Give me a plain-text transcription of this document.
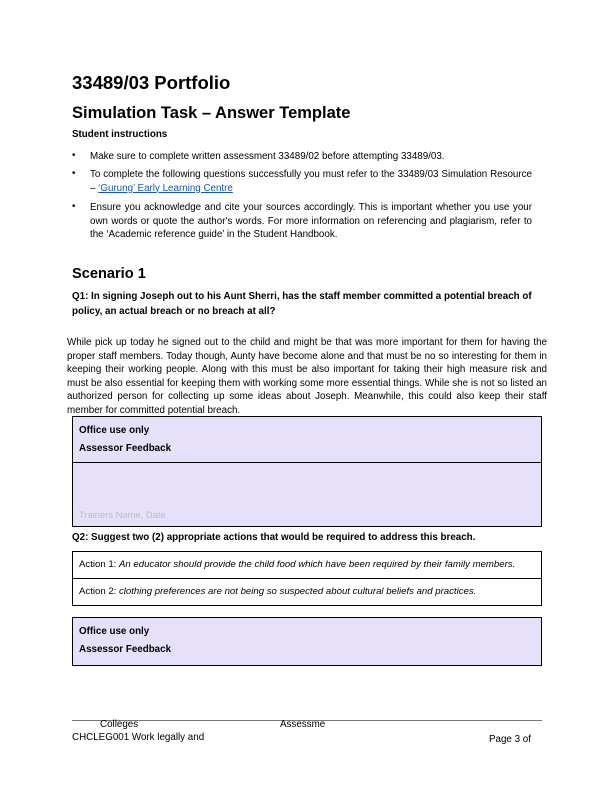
33489/03 Portfolio
Simulation Task – Answer Template
Student instructions
• Make sure to complete written assessment 33489/02 before attempting 33489/03.
• To complete the following questions successfully you must refer to the 33489/03 Simulation Resource – ‘Gurung’ Early Learning Centre
• Ensure you acknowledge and cite your sources accordingly. This is important whether you use your own words or quote the author's words. For more information on referencing and plagiarism, refer to the ‘Academic reference guide’ in the Student Handbook.
Scenario 1
Q1: In signing Joseph out to his Aunt Sherri, has the staff member committed a potential breach of policy, an actual breach or no breach at all?
While pick up today he signed out to the child and might be that was more important for them for having the proper staff members. Today though, Aunty have become alone and that must be no so interesting for them in keeping their working people. Along with this must be also important for taking their high measure risk and must be also essential for keeping them with working some more essential things. While she is not so listed an authorized person for collecting up some ideas about Joseph. Meanwhile, this could also keep their staff member for committed potential breach.
Office use only
Assessor Feedback
Trainers Name, Date
Q2: Suggest two (2) appropriate actions that would be required to address this breach.
Action 1: An educator should provide the child food which have been required by their family members.
Action 2: clothing preferences are not being so suspected about cultural beliefs and practices.
Office use only
Assessor Feedback
Colleges	Assessme
CHCLEG001 Work legally and	Page 3 of
